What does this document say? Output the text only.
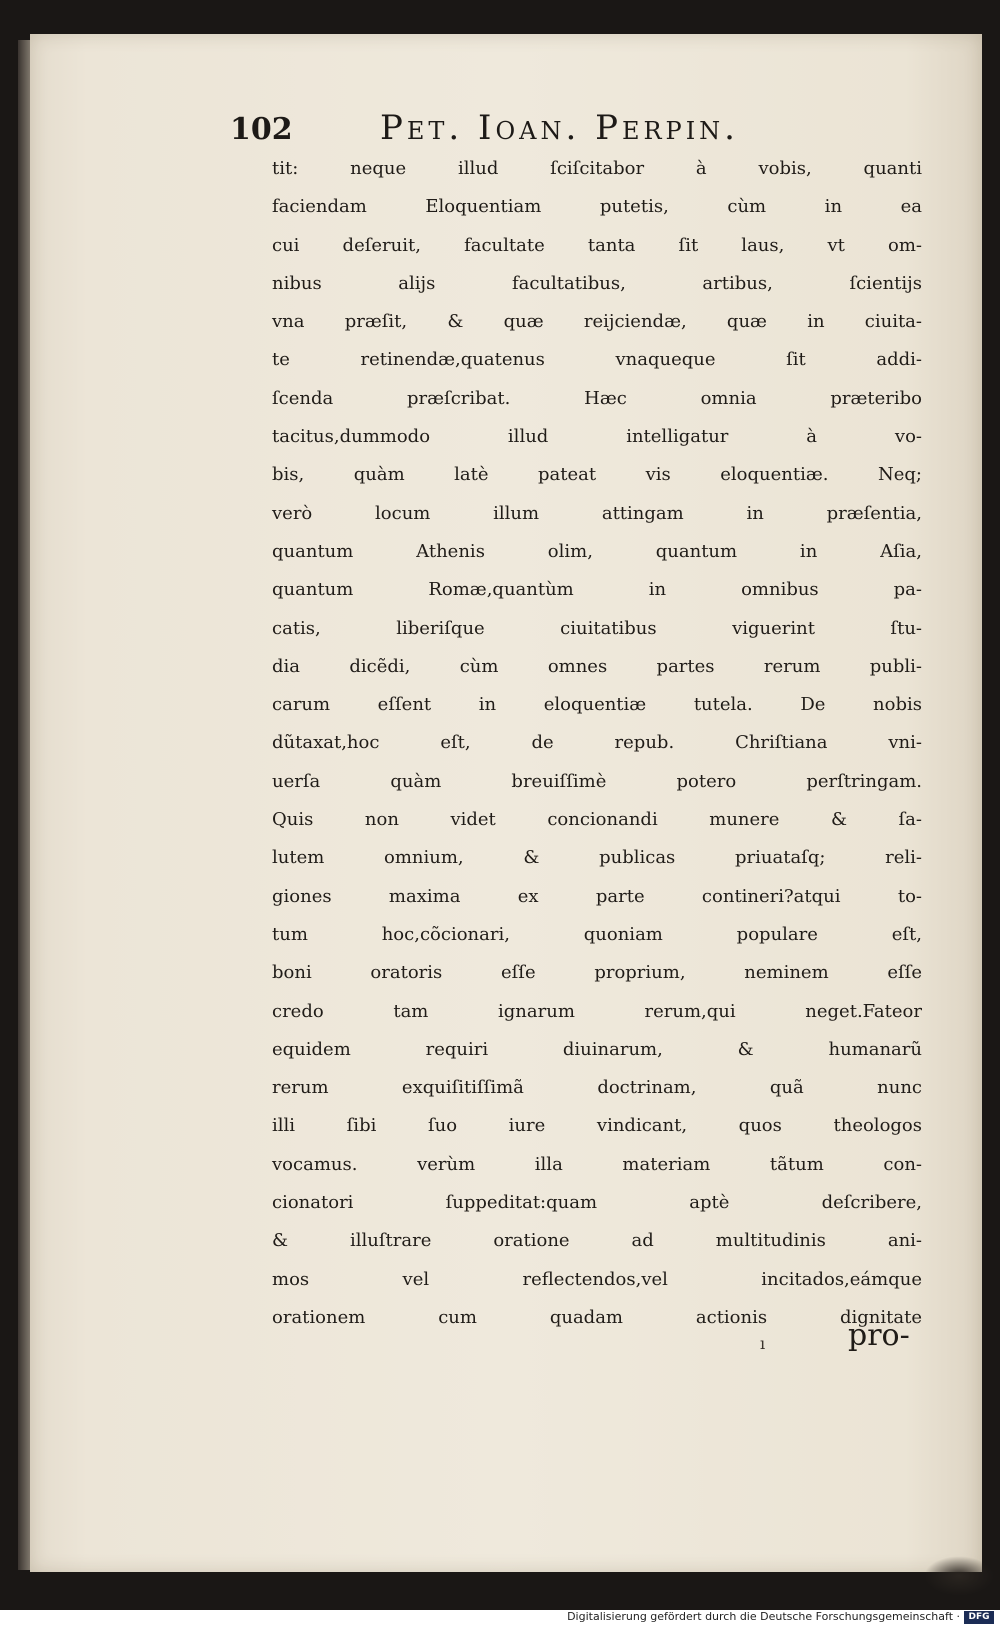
102	Pet. Ioan. Perpin.
tit: neque illud ſciſcitabor à vobis, quanti
faciendam Eloquentiam putetis, cùm in ea
cui deſeruit, facultate tanta ſit laus, vt om-
nibus alijs facultatibus, artibus, ſcientijs
vna præſit, & quæ reijciendæ, quæ in ciuita-
te retinendæ,quatenus vnaqueque ſit addi-
ſcenda præſcribat. Hæc omnia præteribo
tacitus,dummodo illud intelligatur à vo-
bis, quàm latè pateat vis eloquentiæ. Neq;
verò locum illum attingam in præſentia,
quantum Athenis olim, quantum in Aſia,
quantum Romæ,quantùm in omnibus pa-
catis, liberiſque ciuitatibus viguerint ſtu-
dia dicẽdi, cùm omnes partes rerum publi-
carum eſſent in eloquentiæ tutela. De nobis
dũtaxat,hoc eſt, de repub. Chriſtiana vni-
uerſa quàm breuiſſimè potero perſtringam.
Quis non videt concionandi munere & ſa-
lutem omnium, & publicas priuataſq; reli-
giones maxima ex parte contineri?atqui to-
tum hoc,cõcionari, quoniam populare eſt,
boni oratoris eſſe proprium, neminem eſſe
credo tam ignarum rerum,qui neget.Fateor
equidem requiri diuinarum, & humanarũ
rerum exquiſitiſſimã doctrinam, quã nunc
illi ſibi ſuo iure vindicant, quos theologos
vocamus. verùm illa materiam tãtum con-
cionatori ſuppeditat:quam aptè deſcribere,
& illuſtrare oratione ad multitudinis ani-
mos vel reflectendos,vel incitados,eámque
orationem cum quadam actionis dignitate
ı	pro-
Digitalisierung gefördert durch die Deutsche Forschungsgemeinschaft · DFG
